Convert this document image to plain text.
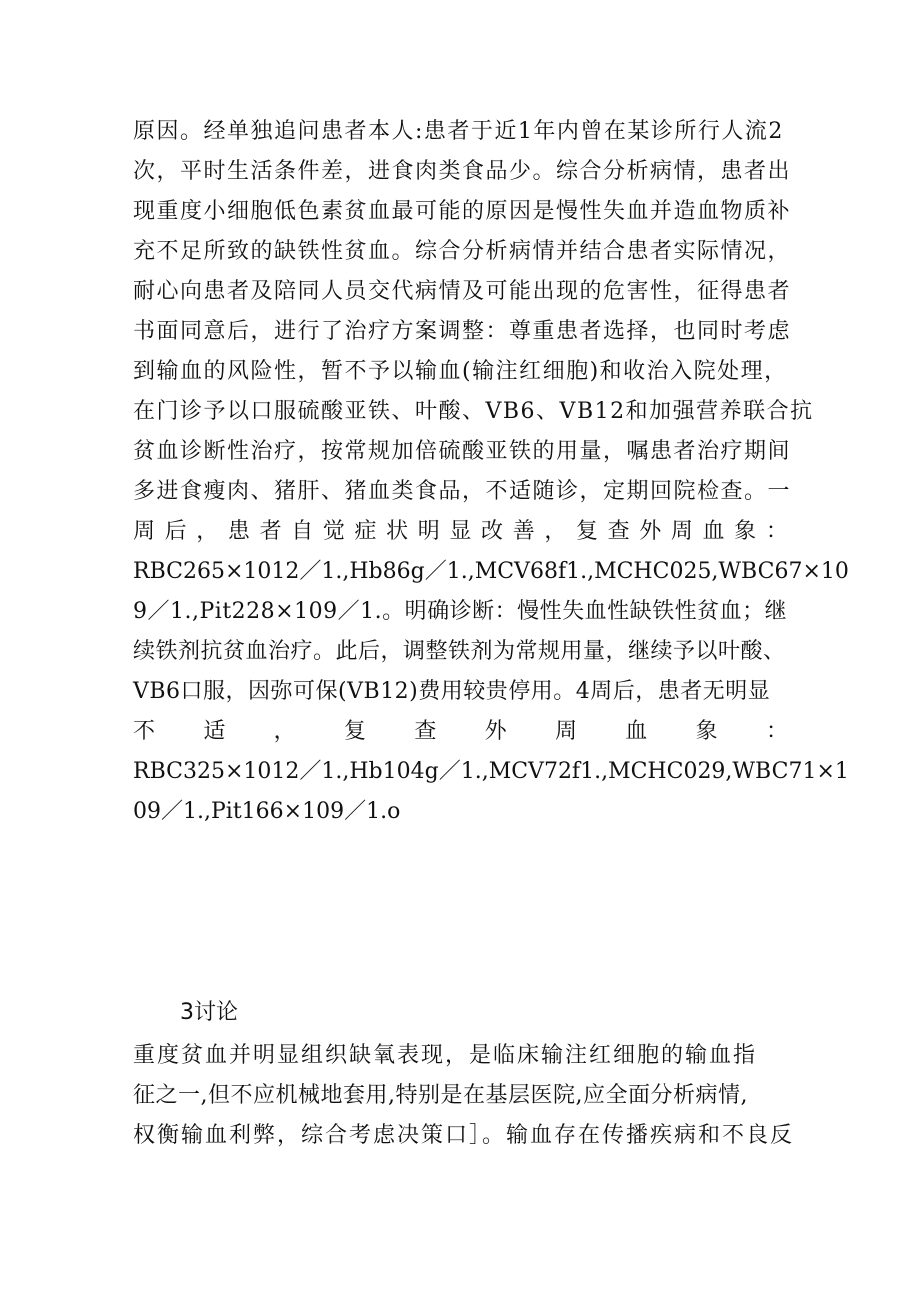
原因。经单独追问患者本人:患者于近1年内曾在某诊所行人流2
次，平时生活条件差，进食肉类食品少。综合分析病情，患者出
现重度小细胞低色素贫血最可能的原因是慢性失血并造血物质补
充不足所致的缺铁性贫血。综合分析病情并结合患者实际情况，
耐心向患者及陪同人员交代病情及可能出现的危害性，征得患者
书面同意后，进行了治疗方案调整：尊重患者选择，也同时考虑
到输血的风险性，暂不予以输血(输注红细胞)和收治入院处理，
在门诊予以口服硫酸亚铁、叶酸、VB6、VB12和加强营养联合抗
贫血诊断性治疗，按常规加倍硫酸亚铁的用量，嘱患者治疗期间
多进食瘦肉、猪肝、猪血类食品，不适随诊，定期回院检查。一
周 后 ， 患 者 自 觉 症 状 明 显 改 善 ， 复 查 外 周 血 象 ：
RBC265×1012／1.,Hb86g／1.,MCV68f1.,MCHC025,WBC67×10
9／1.,Pit228×109／1.。明确诊断：慢性失血性缺铁性贫血；继
续铁剂抗贫血治疗。此后，调整铁剂为常规用量，继续予以叶酸、
VB6口服，因弥可保(VB12)费用较贵停用。4周后，患者无明显
不 适 ， 复 查 外 周 血 象 ：
RBC325×1012／1.,Hb104g／1.,MCV72f1.,MCHC029,WBC71×1
09／1.,Pit166×109／1.o
3讨论
重度贫血并明显组织缺氧表现，是临床输注红细胞的输血指
征之一,但不应机械地套用,特别是在基层医院,应全面分析病情,
权衡输血利弊，综合考虑决策口］。输血存在传播疾病和不良反
